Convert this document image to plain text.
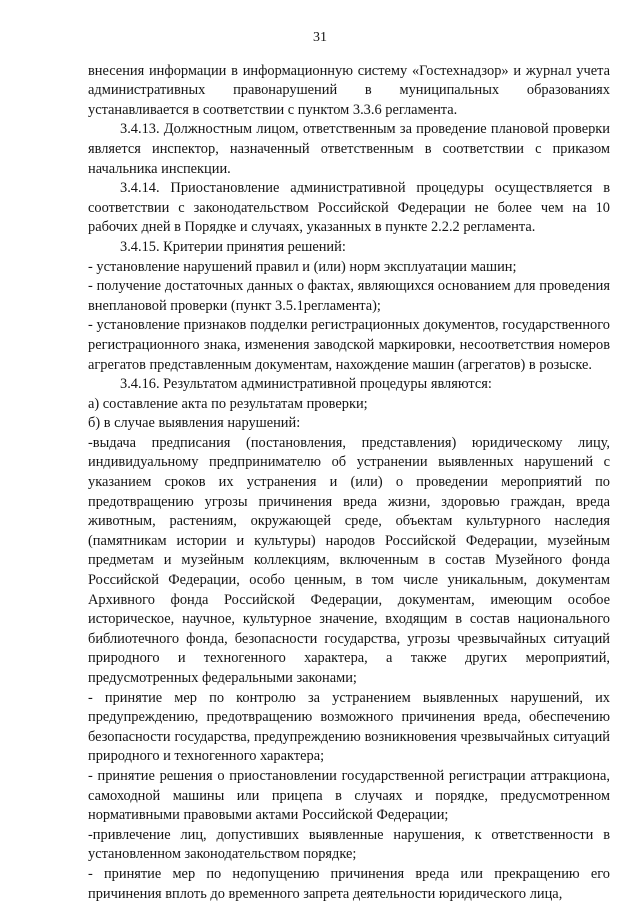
31

внесения информации в информационную систему «Гостехнадзор» и журнал учета административных правонарушений в муниципальных образованиях устанавливается в соответствии с пунктом 3.3.6 регламента.

3.4.13. Должностным лицом, ответственным за проведение плановой проверки является инспектор, назначенный ответственным в соответствии с приказом начальника инспекции.

3.4.14. Приостановление административной процедуры осуществляется в соответствии с законодательством Российской Федерации не более чем на 10 рабочих дней в Порядке и случаях, указанных в пункте 2.2.2 регламента.

3.4.15. Критерии принятия решений:

- установление нарушений правил и (или) норм эксплуатации машин;

- получение достаточных данных о фактах, являющихся основанием для проведения внеплановой проверки (пункт 3.5.1регламента);

- установление признаков подделки регистрационных документов, государственного регистрационного знака, изменения заводской маркировки, несоответствия номеров агрегатов представленным документам, нахождение машин (агрегатов) в розыске.

3.4.16. Результатом административной процедуры являются:

а) составление акта по результатам проверки;

б) в случае выявления нарушений:

-выдача предписания (постановления, представления) юридическому лицу, индивидуальному предпринимателю об устранении выявленных нарушений с указанием сроков их устранения и (или) о проведении мероприятий по предотвращению угрозы причинения вреда жизни, здоровью граждан, вреда животным, растениям, окружающей среде, объектам культурного наследия (памятникам истории и культуры) народов Российской Федерации, музейным предметам и музейным коллекциям, включенным в состав Музейного фонда Российской Федерации, особо ценным, в том числе уникальным, документам Архивного фонда Российской Федерации, документам, имеющим особое историческое, научное, культурное значение, входящим в состав национального библиотечного фонда, безопасности государства, угрозы чрезвычайных ситуаций природного и техногенного характера, а также других мероприятий, предусмотренных федеральными законами;

- принятие мер по контролю за устранением выявленных нарушений, их предупреждению, предотвращению возможного причинения вреда, обеспечению безопасности государства, предупреждению возникновения чрезвычайных ситуаций природного и техногенного характера;

- принятие решения о приостановлении государственной регистрации аттракциона, самоходной машины или прицепа в случаях и порядке, предусмотренном нормативными правовыми актами Российской Федерации;

-привлечение лиц, допустивших выявленные нарушения, к ответственности в установленном законодательством порядке;

- принятие мер по недопущению причинения вреда или прекращению его причинения вплоть до временного запрета деятельности юридического лица,
